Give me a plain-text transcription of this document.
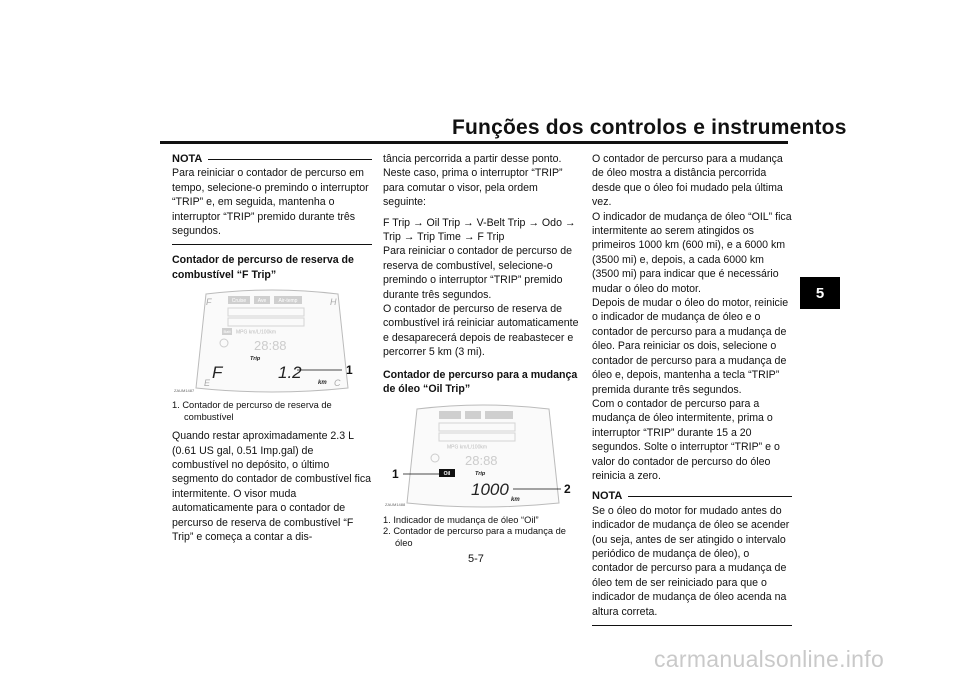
Funções dos controlos e instrumentos
5
NOTA

Para reiniciar o contador de percurso em tempo, selecione-o premindo o interruptor “TRIP” e, em seguida, mantenha o interruptor “TRIP” premido durante três segundos.

Contador de percurso de reserva de combustível “F Trip”

F	H
E	C
Cruise Ave Air-temp
Batt MPG km/L/100km
28:88
Trip
F	1.2
km
1
ZAUM1487

1. Contador de percurso de reserva de combustível

Quando restar aproximadamente 2.3 L (0.61 US gal, 0.51 Imp.gal) de combustível no depósito, o último segmento do contador de combustível fica intermitente. O visor muda automaticamente para o contador de percurso de reserva de combustível “F Trip” e começa a contar a dis-

tância percorrida a partir desse ponto. Neste caso, prima o interruptor “TRIP” para comutar o visor, pela ordem seguinte:

F Trip → Oil Trip → V-Belt Trip → Odo → Trip → Trip Time → F Trip

Para reiniciar o contador de percurso de reserva de combustível, selecione-o premindo o interruptor “TRIP” premido durante três segundos.

O contador de percurso de reserva de combustível irá reiniciar automaticamente e desaparecerá depois de reabastecer e percorrer 5 km (3 mi).

Contador de percurso para a mudança de óleo “Oil Trip”

MPG km/L/100km
28:88
Oil	Trip
1000
km
1
2
ZAUM1488

1. Indicador de mudança de óleo “Oil”

2. Contador de percurso para a mudança de óleo

O contador de percurso para a mudança de óleo mostra a distância percorrida desde que o óleo foi mudado pela última vez.

O indicador de mudança de óleo “OIL” fica intermitente ao serem atingidos os primeiros 1000 km (600 mi), e a 6000 km (3500 mi) e, depois, a cada 6000 km (3500 mi) para indicar que é necessário mudar o óleo do motor.

Depois de mudar o óleo do motor, reinicie o indicador de mudança de óleo e o contador de percurso para a mudança de óleo. Para reiniciar os dois, selecione o contador de percurso para a mudança de óleo e, depois, mantenha a tecla “TRIP” premida durante três segundos.

Com o contador de percurso para a mudança de óleo intermitente, prima o interruptor “TRIP” durante 15 a 20 segundos. Solte o interruptor “TRIP” e o valor do contador de percurso do óleo reinicia a zero.

NOTA

Se o óleo do motor for mudado antes do indicador de mudança de óleo se acender (ou seja, antes de ser atingido o intervalo periódico de mudança de óleo), o contador de percurso para a mudança de óleo tem de ser reiniciado para que o indicador de mudança de óleo acenda na altura correta.

5-7
carmanualsonline.info
